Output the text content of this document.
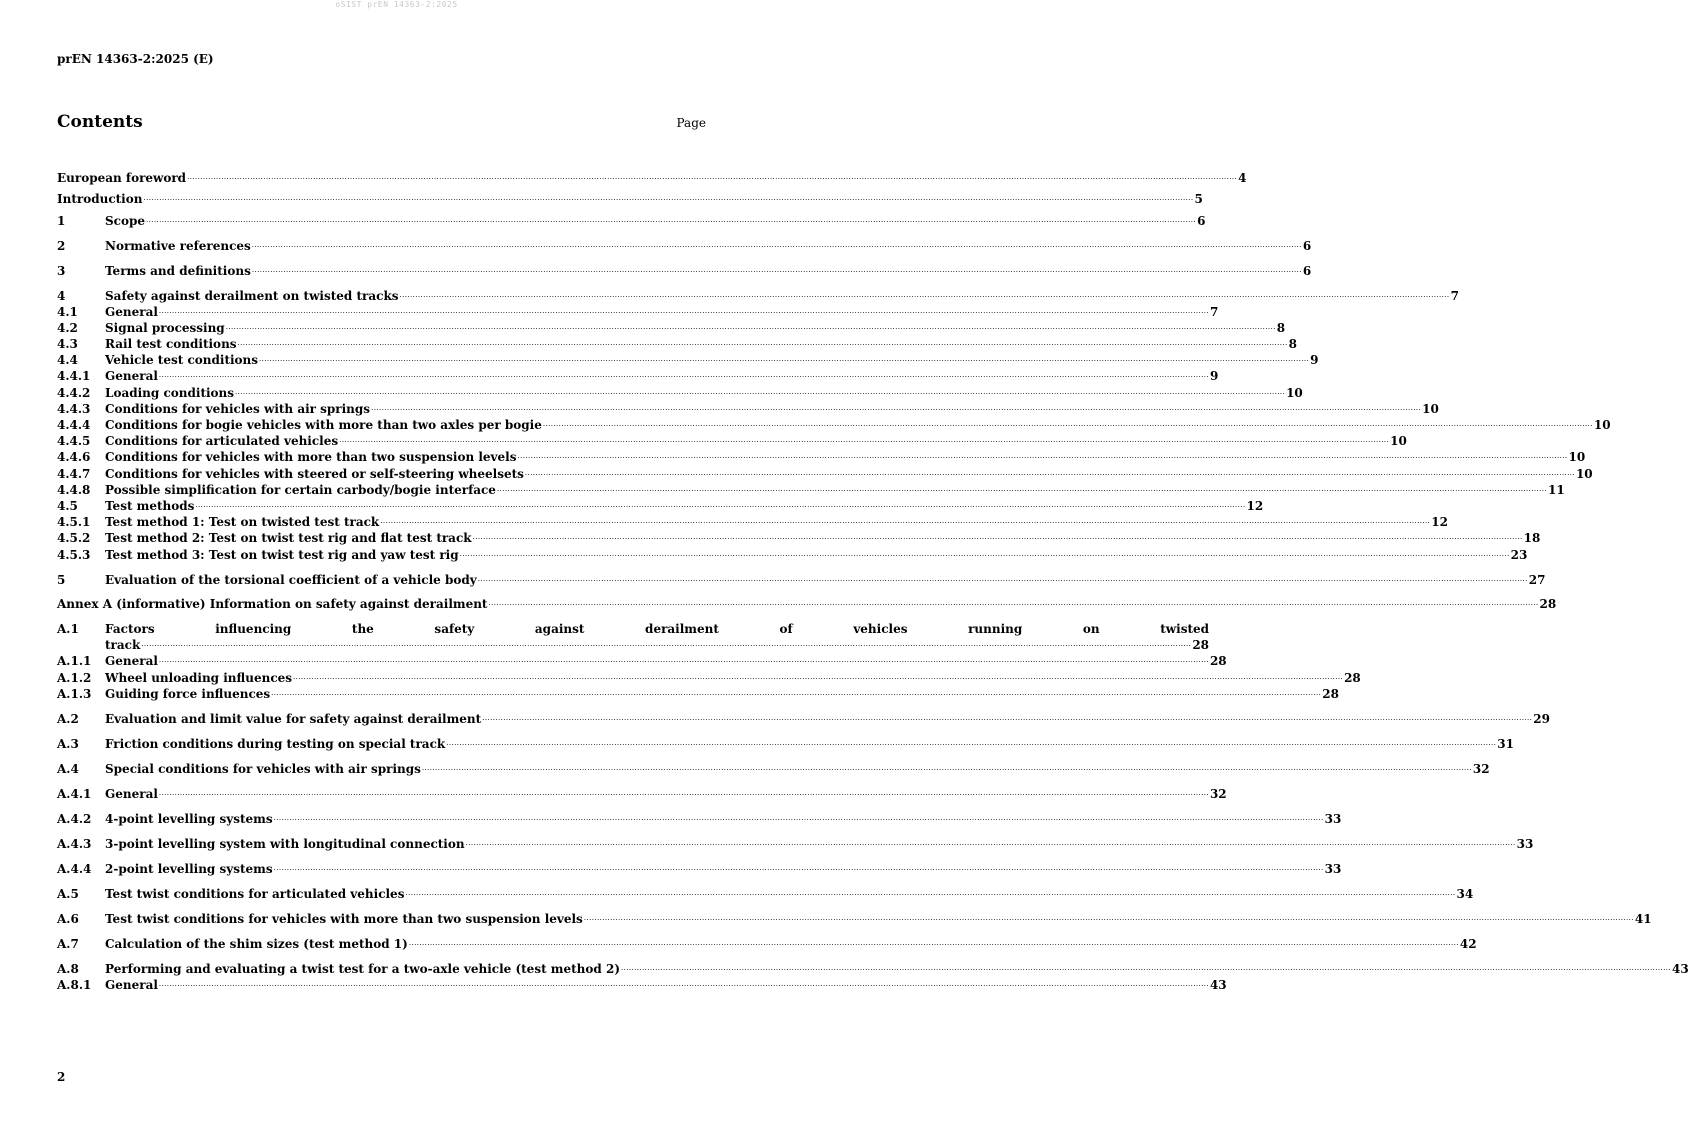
oSIST prEN 14363-2:2025
prEN 14363-2:2025 (E)
Contents	Page
European foreword ................................................................................................................................................................................................................................................................................................................................................................................................................ 4
Introduction ................................................................................................................................................................................................................................................................................................................................................................................................................ 5
1	Scope ................................................................................................................................................................................................................................................................................................................................................................................................................ 6
2	Normative references ................................................................................................................................................................................................................................................................................................................................................................................................................ 6
3	Terms and definitions ................................................................................................................................................................................................................................................................................................................................................................................................................ 6
4	Safety against derailment on twisted tracks ................................................................................................................................................................................................................................................................................................................................................................................................................ 7
4.1	General ................................................................................................................................................................................................................................................................................................................................................................................................................ 7
4.2	Signal processing ................................................................................................................................................................................................................................................................................................................................................................................................................ 8
4.3	Rail test conditions ................................................................................................................................................................................................................................................................................................................................................................................................................ 8
4.4	Vehicle test conditions ................................................................................................................................................................................................................................................................................................................................................................................................................ 9
4.4.1	General ................................................................................................................................................................................................................................................................................................................................................................................................................ 9
4.4.2	Loading conditions ................................................................................................................................................................................................................................................................................................................................................................................................................ 10
4.4.3	Conditions for vehicles with air springs ................................................................................................................................................................................................................................................................................................................................................................................................................ 10
4.4.4	Conditions for bogie vehicles with more than two axles per bogie ................................................................................................................................................................................................................................................................................................................................................................................................................ 10
4.4.5	Conditions for articulated vehicles ................................................................................................................................................................................................................................................................................................................................................................................................................ 10
4.4.6	Conditions for vehicles with more than two suspension levels ................................................................................................................................................................................................................................................................................................................................................................................................................ 10
4.4.7	Conditions for vehicles with steered or self-steering wheelsets ................................................................................................................................................................................................................................................................................................................................................................................................................ 10
4.4.8	Possible simplification for certain carbody/bogie interface ................................................................................................................................................................................................................................................................................................................................................................................................................ 11
4.5	Test methods ................................................................................................................................................................................................................................................................................................................................................................................................................ 12
4.5.1	Test method 1: Test on twisted test track ................................................................................................................................................................................................................................................................................................................................................................................................................ 12
4.5.2	Test method 2: Test on twist test rig and flat test track ................................................................................................................................................................................................................................................................................................................................................................................................................ 18
4.5.3	Test method 3: Test on twist test rig and yaw test rig ................................................................................................................................................................................................................................................................................................................................................................................................................ 23
5	Evaluation of the torsional coefficient of a vehicle body ................................................................................................................................................................................................................................................................................................................................................................................................................ 27
Annex A (informative) Information on safety against derailment ................................................................................................................................................................................................................................................................................................................................................................................................................ 28
A.1	Factors influencing the safety against derailment of vehicles running on twisted
track ................................................................................................................................................................................................................................................................................................................................................................................................................ 28
A.1.1	General ................................................................................................................................................................................................................................................................................................................................................................................................................ 28
A.1.2	Wheel unloading influences ................................................................................................................................................................................................................................................................................................................................................................................................................ 28
A.1.3	Guiding force influences ................................................................................................................................................................................................................................................................................................................................................................................................................ 28
A.2	Evaluation and limit value for safety against derailment ................................................................................................................................................................................................................................................................................................................................................................................................................ 29
A.3	Friction conditions during testing on special track ................................................................................................................................................................................................................................................................................................................................................................................................................ 31
A.4	Special conditions for vehicles with air springs ................................................................................................................................................................................................................................................................................................................................................................................................................ 32
A.4.1	General ................................................................................................................................................................................................................................................................................................................................................................................................................ 32
A.4.2	4-point levelling systems ................................................................................................................................................................................................................................................................................................................................................................................................................ 33
A.4.3	3-point levelling system with longitudinal connection ................................................................................................................................................................................................................................................................................................................................................................................................................ 33
A.4.4	2-point levelling systems ................................................................................................................................................................................................................................................................................................................................................................................................................ 33
A.5	Test twist conditions for articulated vehicles ................................................................................................................................................................................................................................................................................................................................................................................................................ 34
A.6	Test twist conditions for vehicles with more than two suspension levels ................................................................................................................................................................................................................................................................................................................................................................................................................ 41
A.7	Calculation of the shim sizes (test method 1) ................................................................................................................................................................................................................................................................................................................................................................................................................ 42
A.8	Performing and evaluating a twist test for a two-axle vehicle (test method 2) ................................................................................................................................................................................................................................................................................................................................................................................................................ 43
A.8.1	General ................................................................................................................................................................................................................................................................................................................................................................................................................ 43
2
